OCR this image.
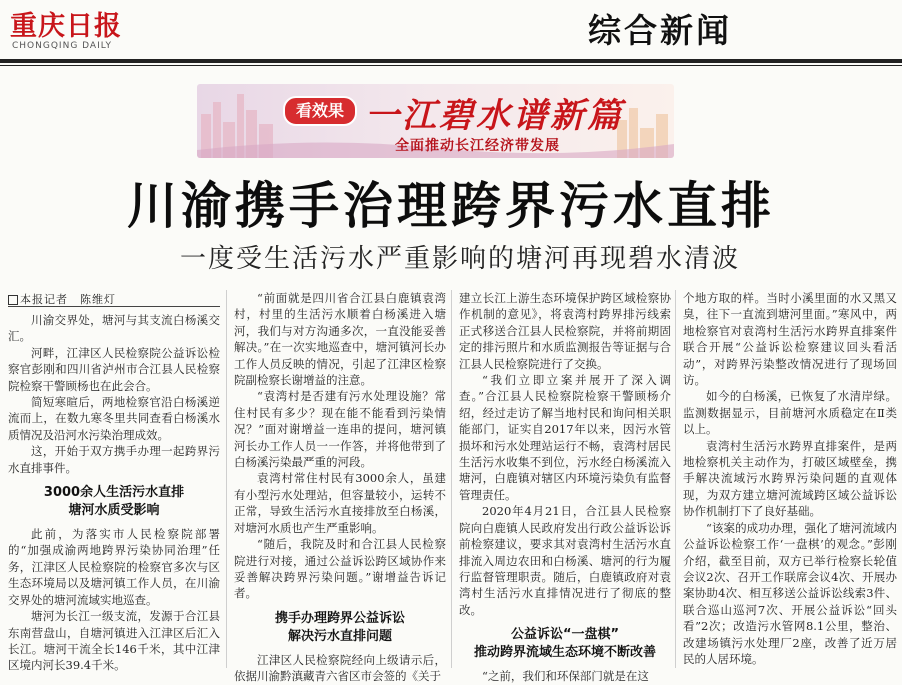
重庆日报
CHONGQING DAILY	综合新闻
看效果 一江碧水谱新篇
全面推动长江经济带发展
川渝携手治理跨界污水直排
一度受生活污水严重影响的塘河再现碧水清波
本报记者　陈维灯

川渝交界处，塘河与其支流白杨溪交汇。

河畔，江津区人民检察院公益诉讼检察官彭刚和四川省泸州市合江县人民检察院检察干警顾杨也在此会合。

简短寒暄后，两地检察官沿白杨溪逆流而上，在数九寒冬里共同查看白杨溪水质情况及沿河水污染治理成效。

这，开始于双方携手办理一起跨界污水直排事件。

3000余人生活污水直排
塘河水质受影响

此前，为落实市人民检察院部署的“加强成渝两地跨界污染协同治理”任务，江津区人民检察院的检察官多次与区生态环境局以及塘河镇工作人员，在川渝交界处的塘河流域实地巡查。

塘河为长江一级支流，发源于合江县东南营盘山，自塘河镇进入江津区后汇入长江。塘河干流全长146千米，其中江津区境内河长39.4千米。

“前面就是四川省合江县白鹿镇袁湾村，村里的生活污水顺着白杨溪进入塘河，我们与对方沟通多次，一直没能妥善解决。”在一次实地巡查中，塘河镇河长办工作人员反映的情况，引起了江津区检察院副检察长谢增益的注意。

“袁湾村是否建有污水处理设施？常住村民有多少？现在能不能看到污染情况？”面对谢增益一连串的提问，塘河镇河长办工作人员一一作答，并将他带到了白杨溪污染最严重的河段。

袁湾村常住村民有3000余人，虽建有小型污水处理站，但容量较小，运转不正常，导致生活污水直接排放至白杨溪，对塘河水质也产生严重影响。

“随后，我院及时和合江县人民检察院进行对接，通过公益诉讼跨区域协作来妥善解决跨界污染问题。”谢增益告诉记者。

携手办理跨界公益诉讼
解决污水直排问题

江津区人民检察院经向上级请示后，依据川渝黔滇藏青六省区市会签的《关于

建立长江上游生态环境保护跨区域检察协作机制的意见》，将袁湾村跨界排污线索正式移送合江县人民检察院，并将前期固定的排污照片和水质监测报告等证据与合江县人民检察院进行了交换。

“我们立即立案并展开了深入调查。”合江县人民检察院检察干警顾杨介绍，经过走访了解当地村民和询问相关职能部门，证实自2017年以来，因污水管损坏和污水处理站运行不畅，袁湾村居民生活污水收集不到位，污水经白杨溪流入塘河，白鹿镇对辖区内环境污染负有监督管理责任。

2020年4月21日，合江县人民检察院向白鹿镇人民政府发出行政公益诉讼诉前检察建议，要求其对袁湾村生活污水直排流入周边农田和白杨溪、塘河的行为履行监督管理职责。随后，白鹿镇政府对袁湾村生活污水直排情况进行了彻底的整改。

公益诉讼“一盘棋”
推动跨界流域生态环境不断改善

“之前，我们和环保部门就是在这

个地方取的样。当时小溪里面的水又黑又臭，往下一直流到塘河里面。”寒风中，两地检察官对袁湾村生活污水跨界直排案件联合开展“公益诉讼检察建议回头看活动”，对跨界污染整改情况进行了现场回访。

如今的白杨溪，已恢复了水清岸绿。监测数据显示，目前塘河水质稳定在Ⅱ类以上。

袁湾村生活污水跨界直排案件，是两地检察机关主动作为，打破区域壁垒，携手解决流域污水跨界污染问题的直观体现，为双方建立塘河流域跨区域公益诉讼协作机制打下了良好基础。

“该案的成功办理，强化了塘河流域内公益诉讼检察工作‘一盘棋’的观念。”彭刚介绍，截至目前，双方已举行检察长轮值会议2次、召开工作联席会议4次、开展办案协助4次、相互移送公益诉讼线索3件、联合巡山巡河7次、开展公益诉讼“回头看”2次；改造污水管网8.1公里，整治、改建场镇污水处理厂2座，改善了近万居民的人居环境。
